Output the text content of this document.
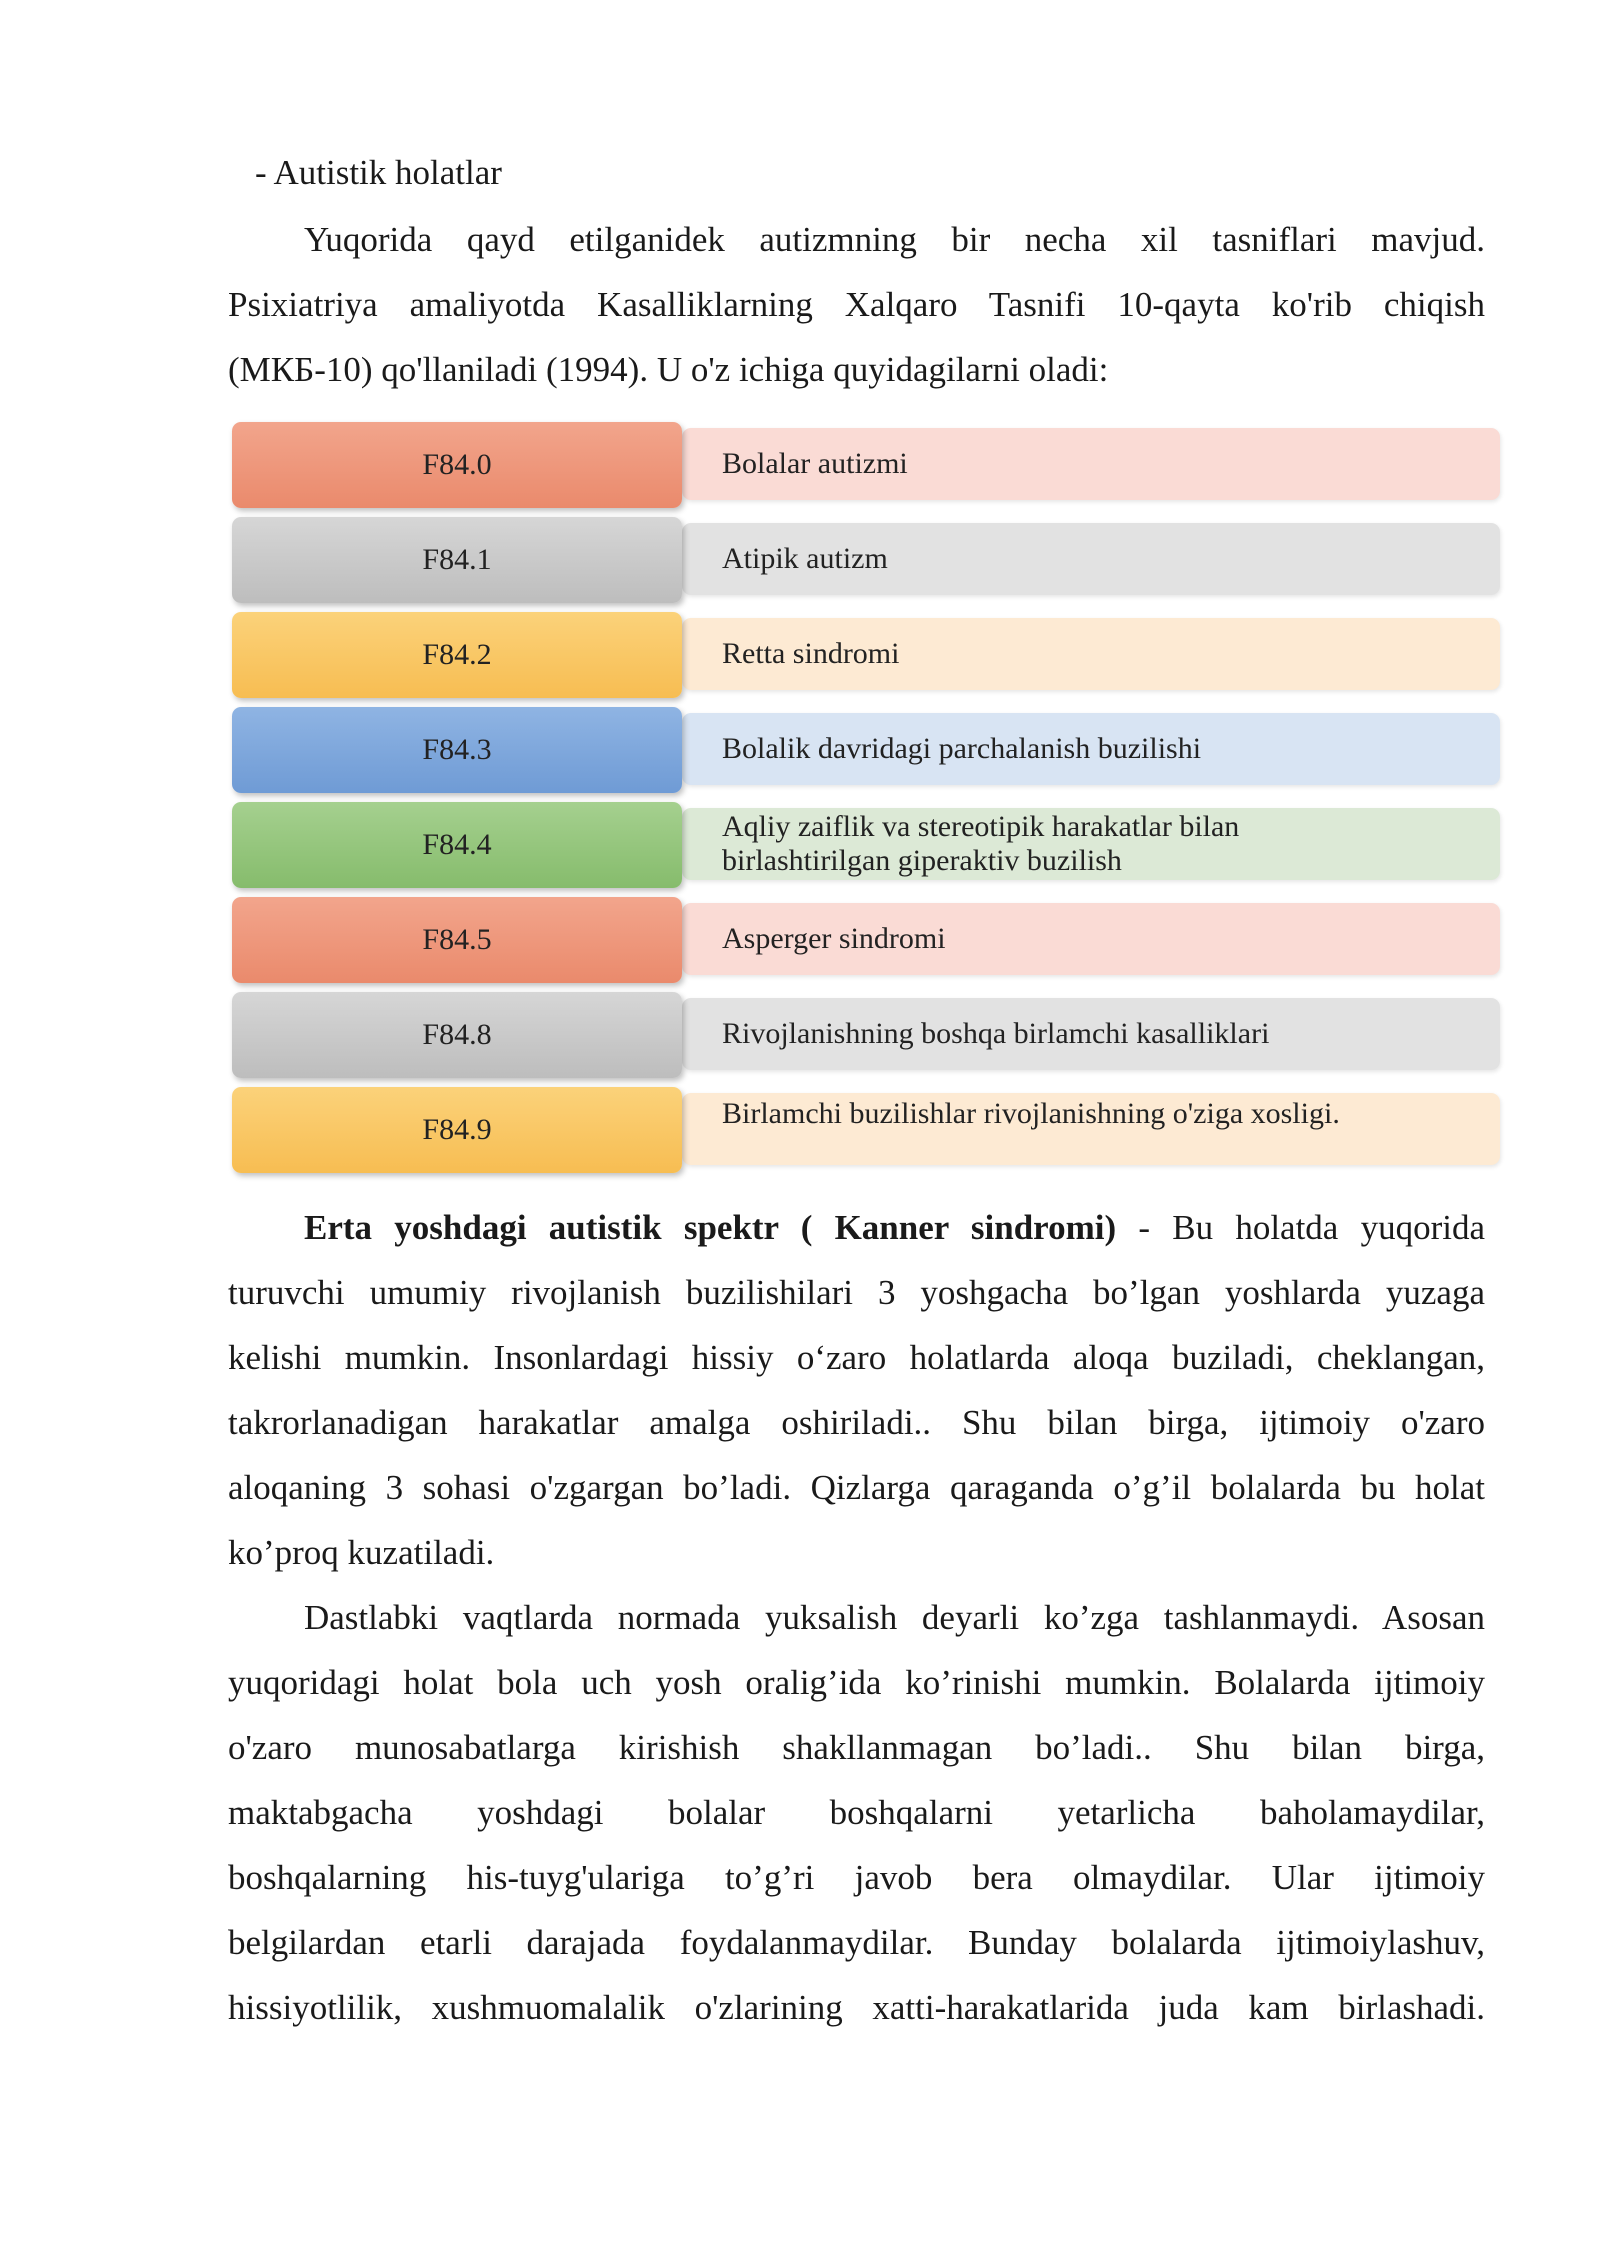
- Autistik holatlar

Yuqorida qayd etilganidek autizmning bir necha xil tasniflari mavjud.
Psixiatriya amaliyotda Kasalliklarning Xalqaro Tasnifi 10-qayta ko'rib chiqish
(МКБ-10) qo'llaniladi (1994). U o'z ichiga quyidagilarni oladi:

F84.0	Bolalar autizmi
F84.1	Atipik autizm
F84.2	Retta sindromi
F84.3	Bolalik davridagi parchalanish buzilishi
F84.4
Aqliy zaiflik va stereotipik harakatlar bilan
birlashtirilgan giperaktiv buzilish
F84.5	Asperger sindromi
F84.8	Rivojlanishning boshqa birlamchi kasalliklari
F84.9	Birlamchi buzilishlar rivojlanishning o'ziga xosligi.

Erta yoshdagi autistik spektr ( Kanner sindromi) - Bu holatda yuqorida
turuvchi umumiy rivojlanish buzilishilari 3 yoshgacha bo’lgan yoshlarda yuzaga
kelishi mumkin. Insonlardagi hissiy o‘zaro holatlarda aloqa buziladi, cheklangan,
takrorlanadigan harakatlar amalga oshiriladi.. Shu bilan birga, ijtimoiy o'zaro
aloqaning 3 sohasi o'zgargan bo’ladi. Qizlarga qaraganda o’g’il bolalarda bu holat
ko’proq kuzatiladi.

Dastlabki vaqtlarda normada yuksalish deyarli ko’zga tashlanmaydi. Asosan
yuqoridagi holat bola uch yosh oralig’ida ko’rinishi mumkin. Bolalarda ijtimoiy
o'zaro munosabatlarga kirishish shakllanmagan bo’ladi.. Shu bilan birga,
maktabgacha yoshdagi bolalar boshqalarni yetarlicha baholamaydilar,
boshqalarning his-tuyg'ulariga to’g’ri javob bera olmaydilar. Ular ijtimoiy
belgilardan etarli darajada foydalanmaydilar. Bunday bolalarda ijtimoiylashuv,
hissiyotlilik, xushmuomalalik o'zlarining xatti-harakatlarida juda kam birlashadi.
